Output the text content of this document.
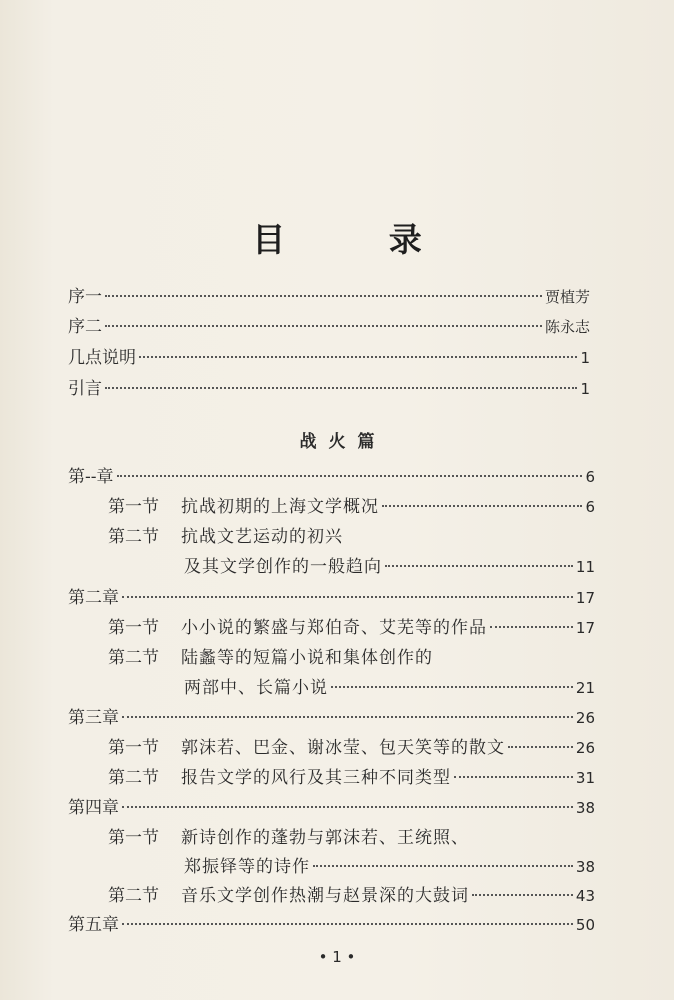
目 录
序一	贾植芳
序二	陈永志
几点说明	1
引言	1
战火篇
第--章	6
第一节 抗战初期的上海文学概况	6
第二节 抗战文艺运动的初兴
及其文学创作的一般趋向	11
第二章	17
第一节 小小说的繁盛与郑伯奇、艾芜等的作品	17
第二节 陆蠡等的短篇小说和集体创作的
两部中、长篇小说	21
第三章	26
第一节 郭沫若、巴金、谢冰莹、包天笑等的散文	26
第二节 报告文学的风行及其三种不同类型	31
第四章	38
第一节 新诗创作的蓬勃与郭沫若、王统照、
郑振铎等的诗作	38
第二节 音乐文学创作热潮与赵景深的大鼓词	43
第五章	50
• 1 •
